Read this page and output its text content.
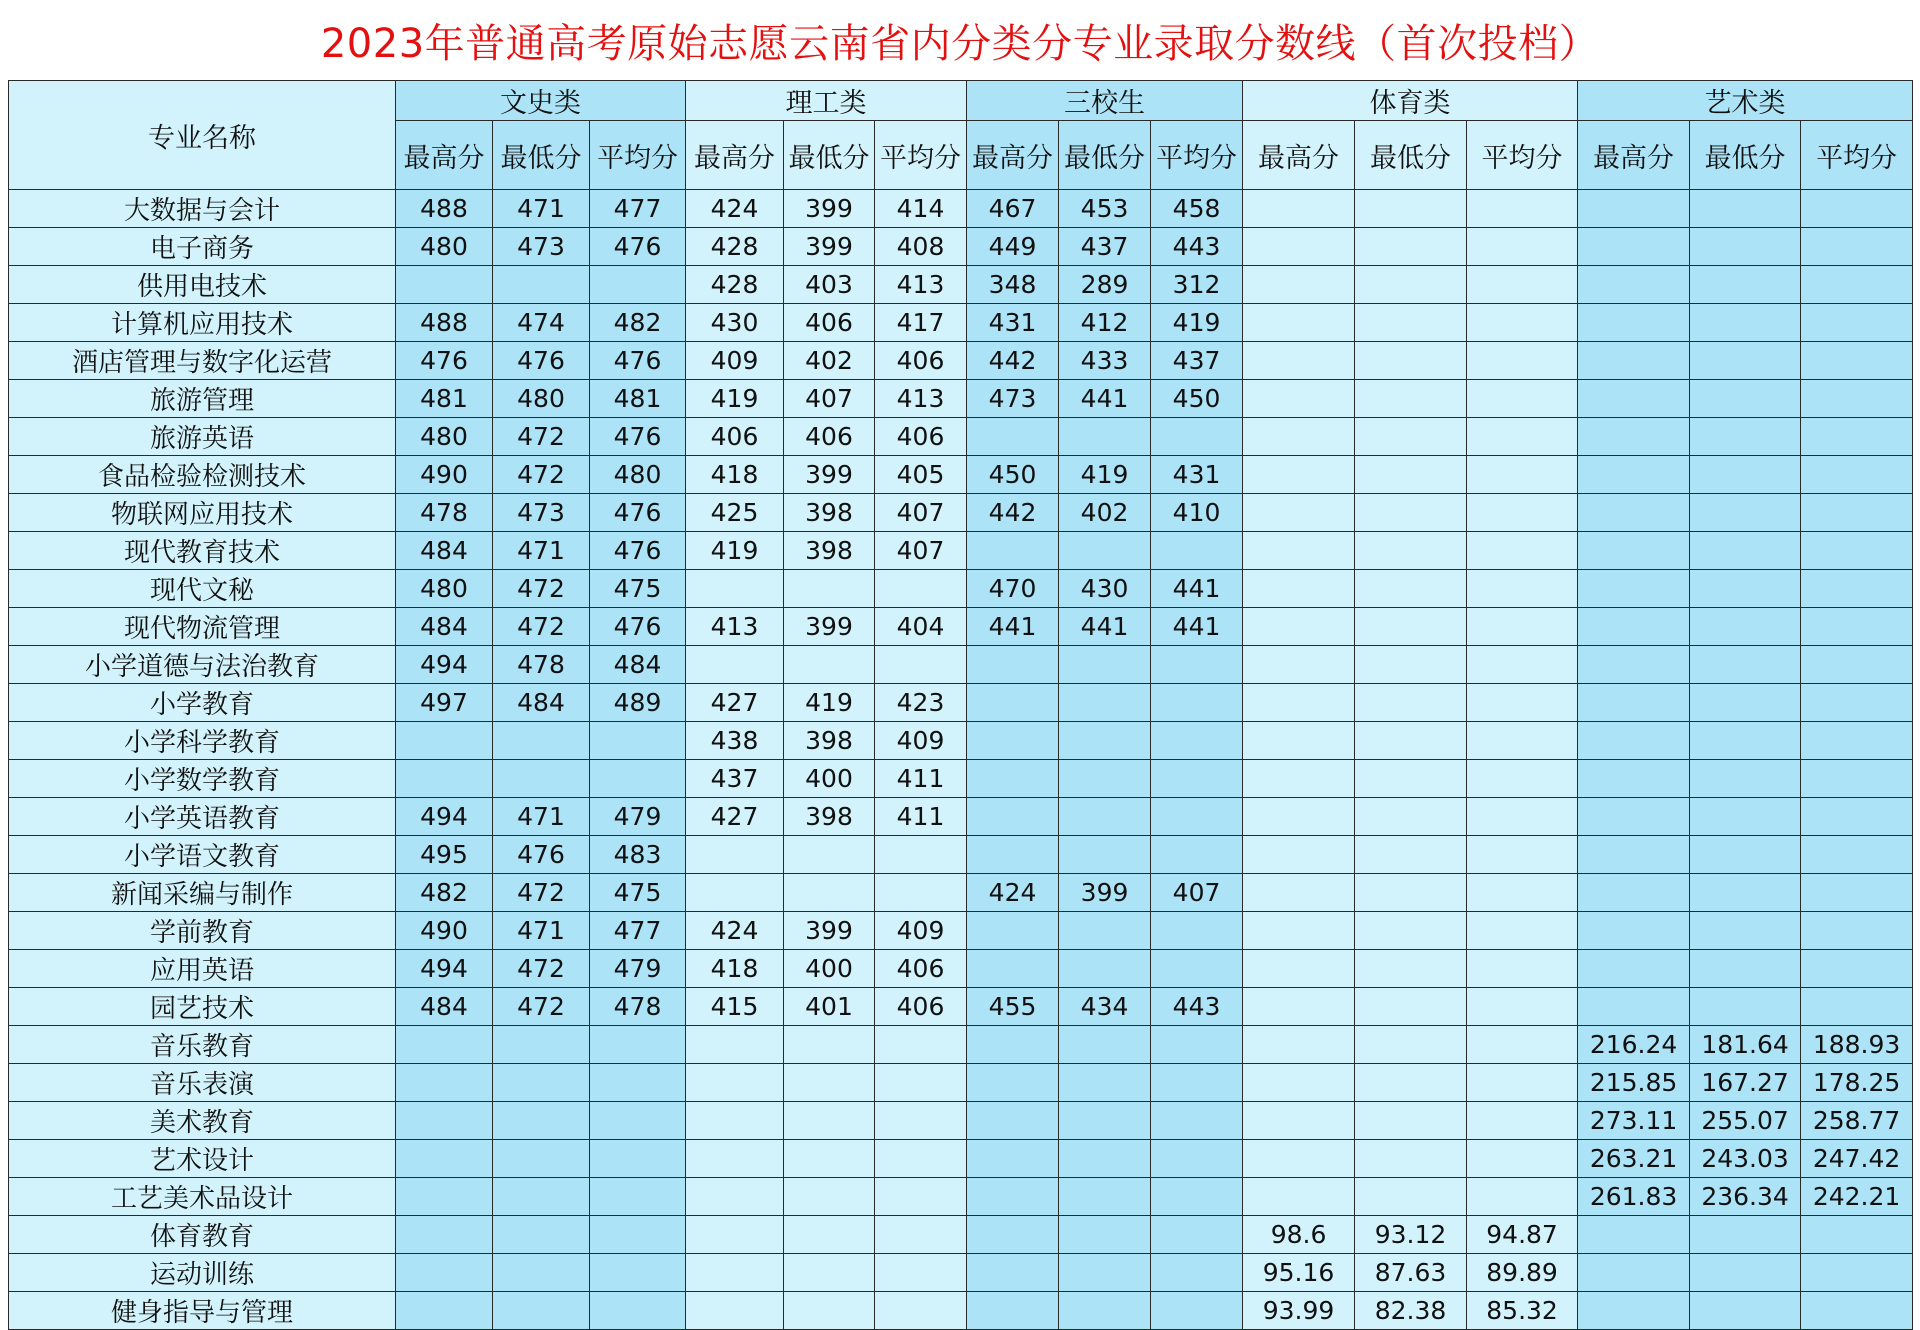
2023年普通高考原始志愿云南省内分类分专业录取分数线（首次投档）
专业名称	文史类			理工类			三校生			体育类			艺术类		
	最高分	最低分	平均分	最高分	最低分	平均分	最高分	最低分	平均分	最高分	最低分	平均分	最高分	最低分	平均分
大数据与会计	488	471	477	424	399	414	467	453	458						
电子商务	480	473	476	428	399	408	449	437	443						
供用电技术				428	403	413	348	289	312						
计算机应用技术	488	474	482	430	406	417	431	412	419						
酒店管理与数字化运营	476	476	476	409	402	406	442	433	437						
旅游管理	481	480	481	419	407	413	473	441	450						
旅游英语	480	472	476	406	406	406									
食品检验检测技术	490	472	480	418	399	405	450	419	431						
物联网应用技术	478	473	476	425	398	407	442	402	410						
现代教育技术	484	471	476	419	398	407									
现代文秘	480	472	475				470	430	441						
现代物流管理	484	472	476	413	399	404	441	441	441						
小学道德与法治教育	494	478	484												
小学教育	497	484	489	427	419	423									
小学科学教育				438	398	409									
小学数学教育				437	400	411									
小学英语教育	494	471	479	427	398	411									
小学语文教育	495	476	483												
新闻采编与制作	482	472	475				424	399	407						
学前教育	490	471	477	424	399	409									
应用英语	494	472	479	418	400	406									
园艺技术	484	472	478	415	401	406	455	434	443						
音乐教育													216.24	181.64	188.93
音乐表演													215.85	167.27	178.25
美术教育													273.11	255.07	258.77
艺术设计													263.21	243.03	247.42
工艺美术品设计													261.83	236.34	242.21
体育教育										98.6	93.12	94.87			
运动训练										95.16	87.63	89.89			
健身指导与管理										93.99	82.38	85.32			
